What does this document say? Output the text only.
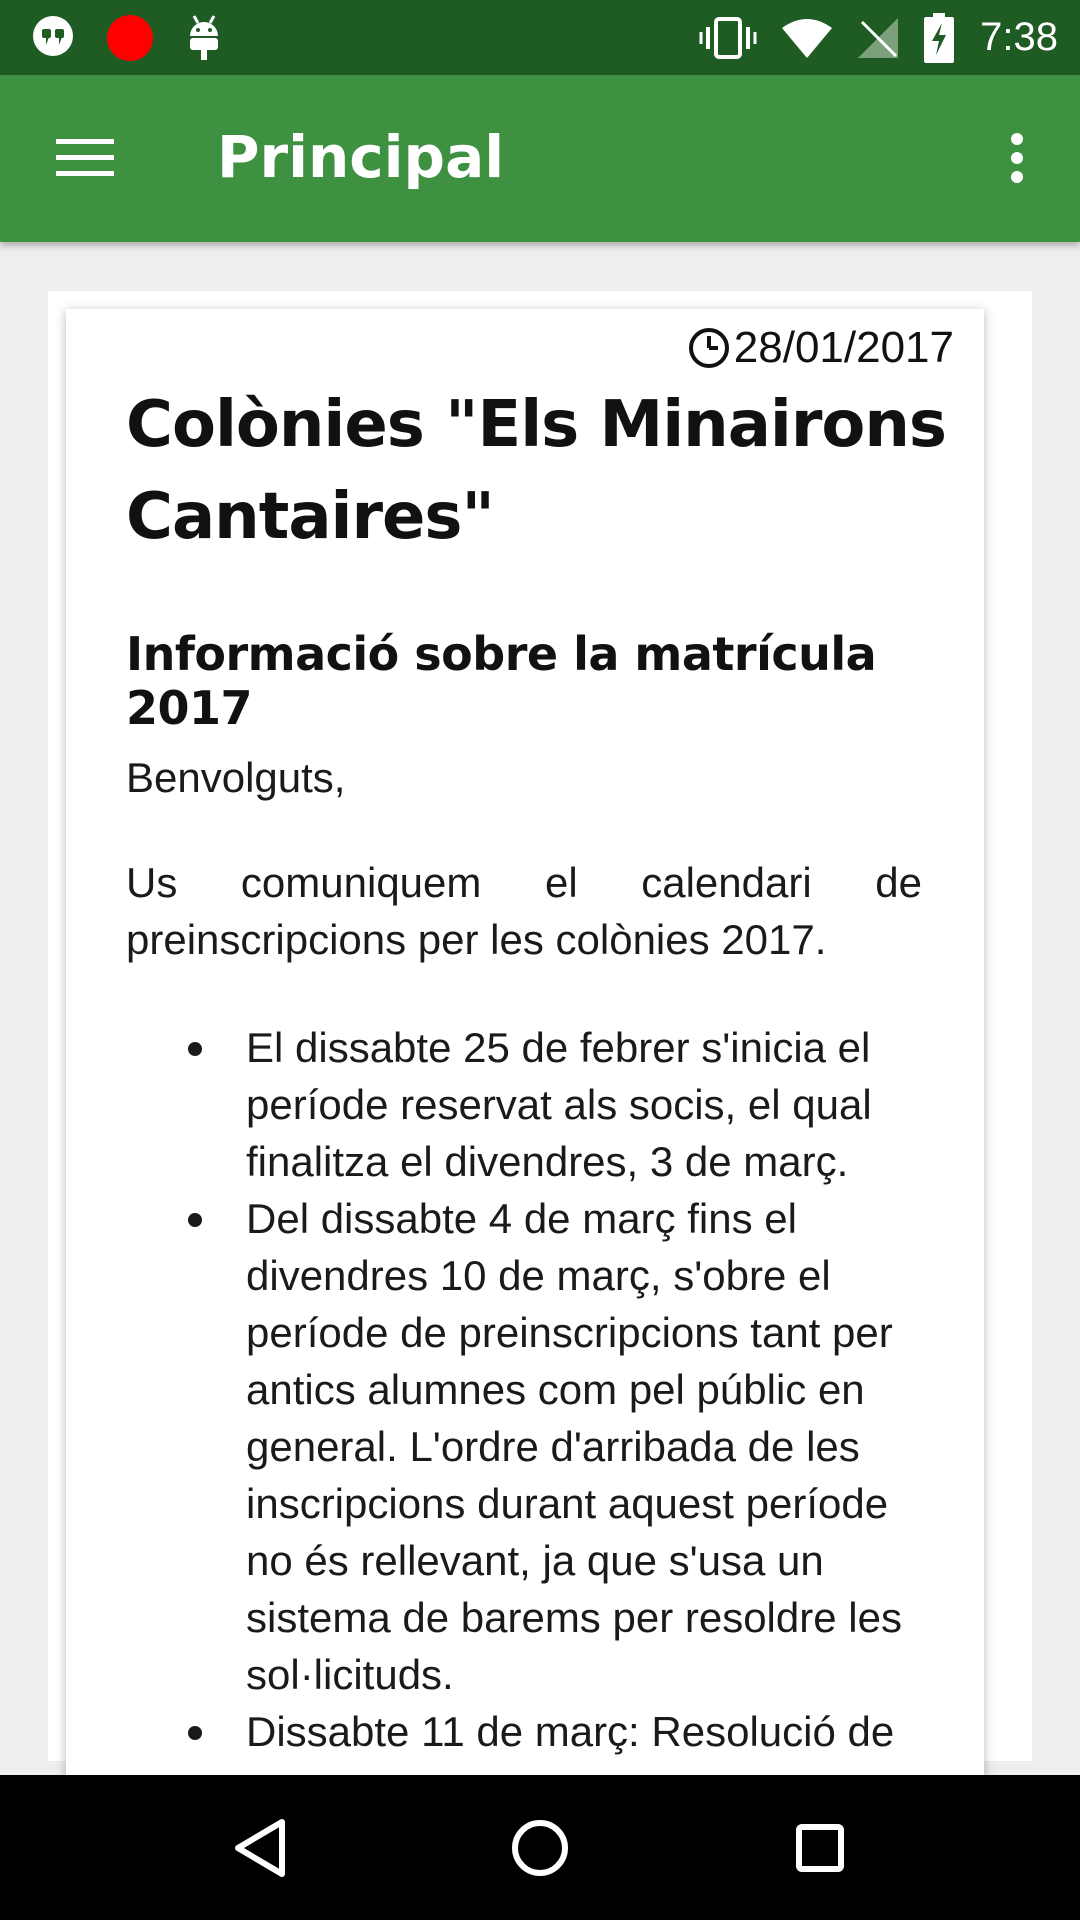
7:38
Principal
28/01/2017
Colònies "Els Minairons Cantaires"
Informació sobre la matrícula 2017
Benvolguts,
Us comuniquem el calendari de preinscripcions per les colònies 2017.
El dissabte 25 de febrer s'inicia el període reservat als socis, el qual finalitza el divendres, 3 de març.
Del dissabte 4 de març fins el divendres 10 de març, s'obre el període de preinscripcions tant per antics alumnes com pel públic en general. L'ordre d'arribada de les inscripcions durant aquest període no és rellevant, ja que s'usa un sistema de barems per resoldre les sol·licituds.
Dissabte 11 de març: Resolució de
